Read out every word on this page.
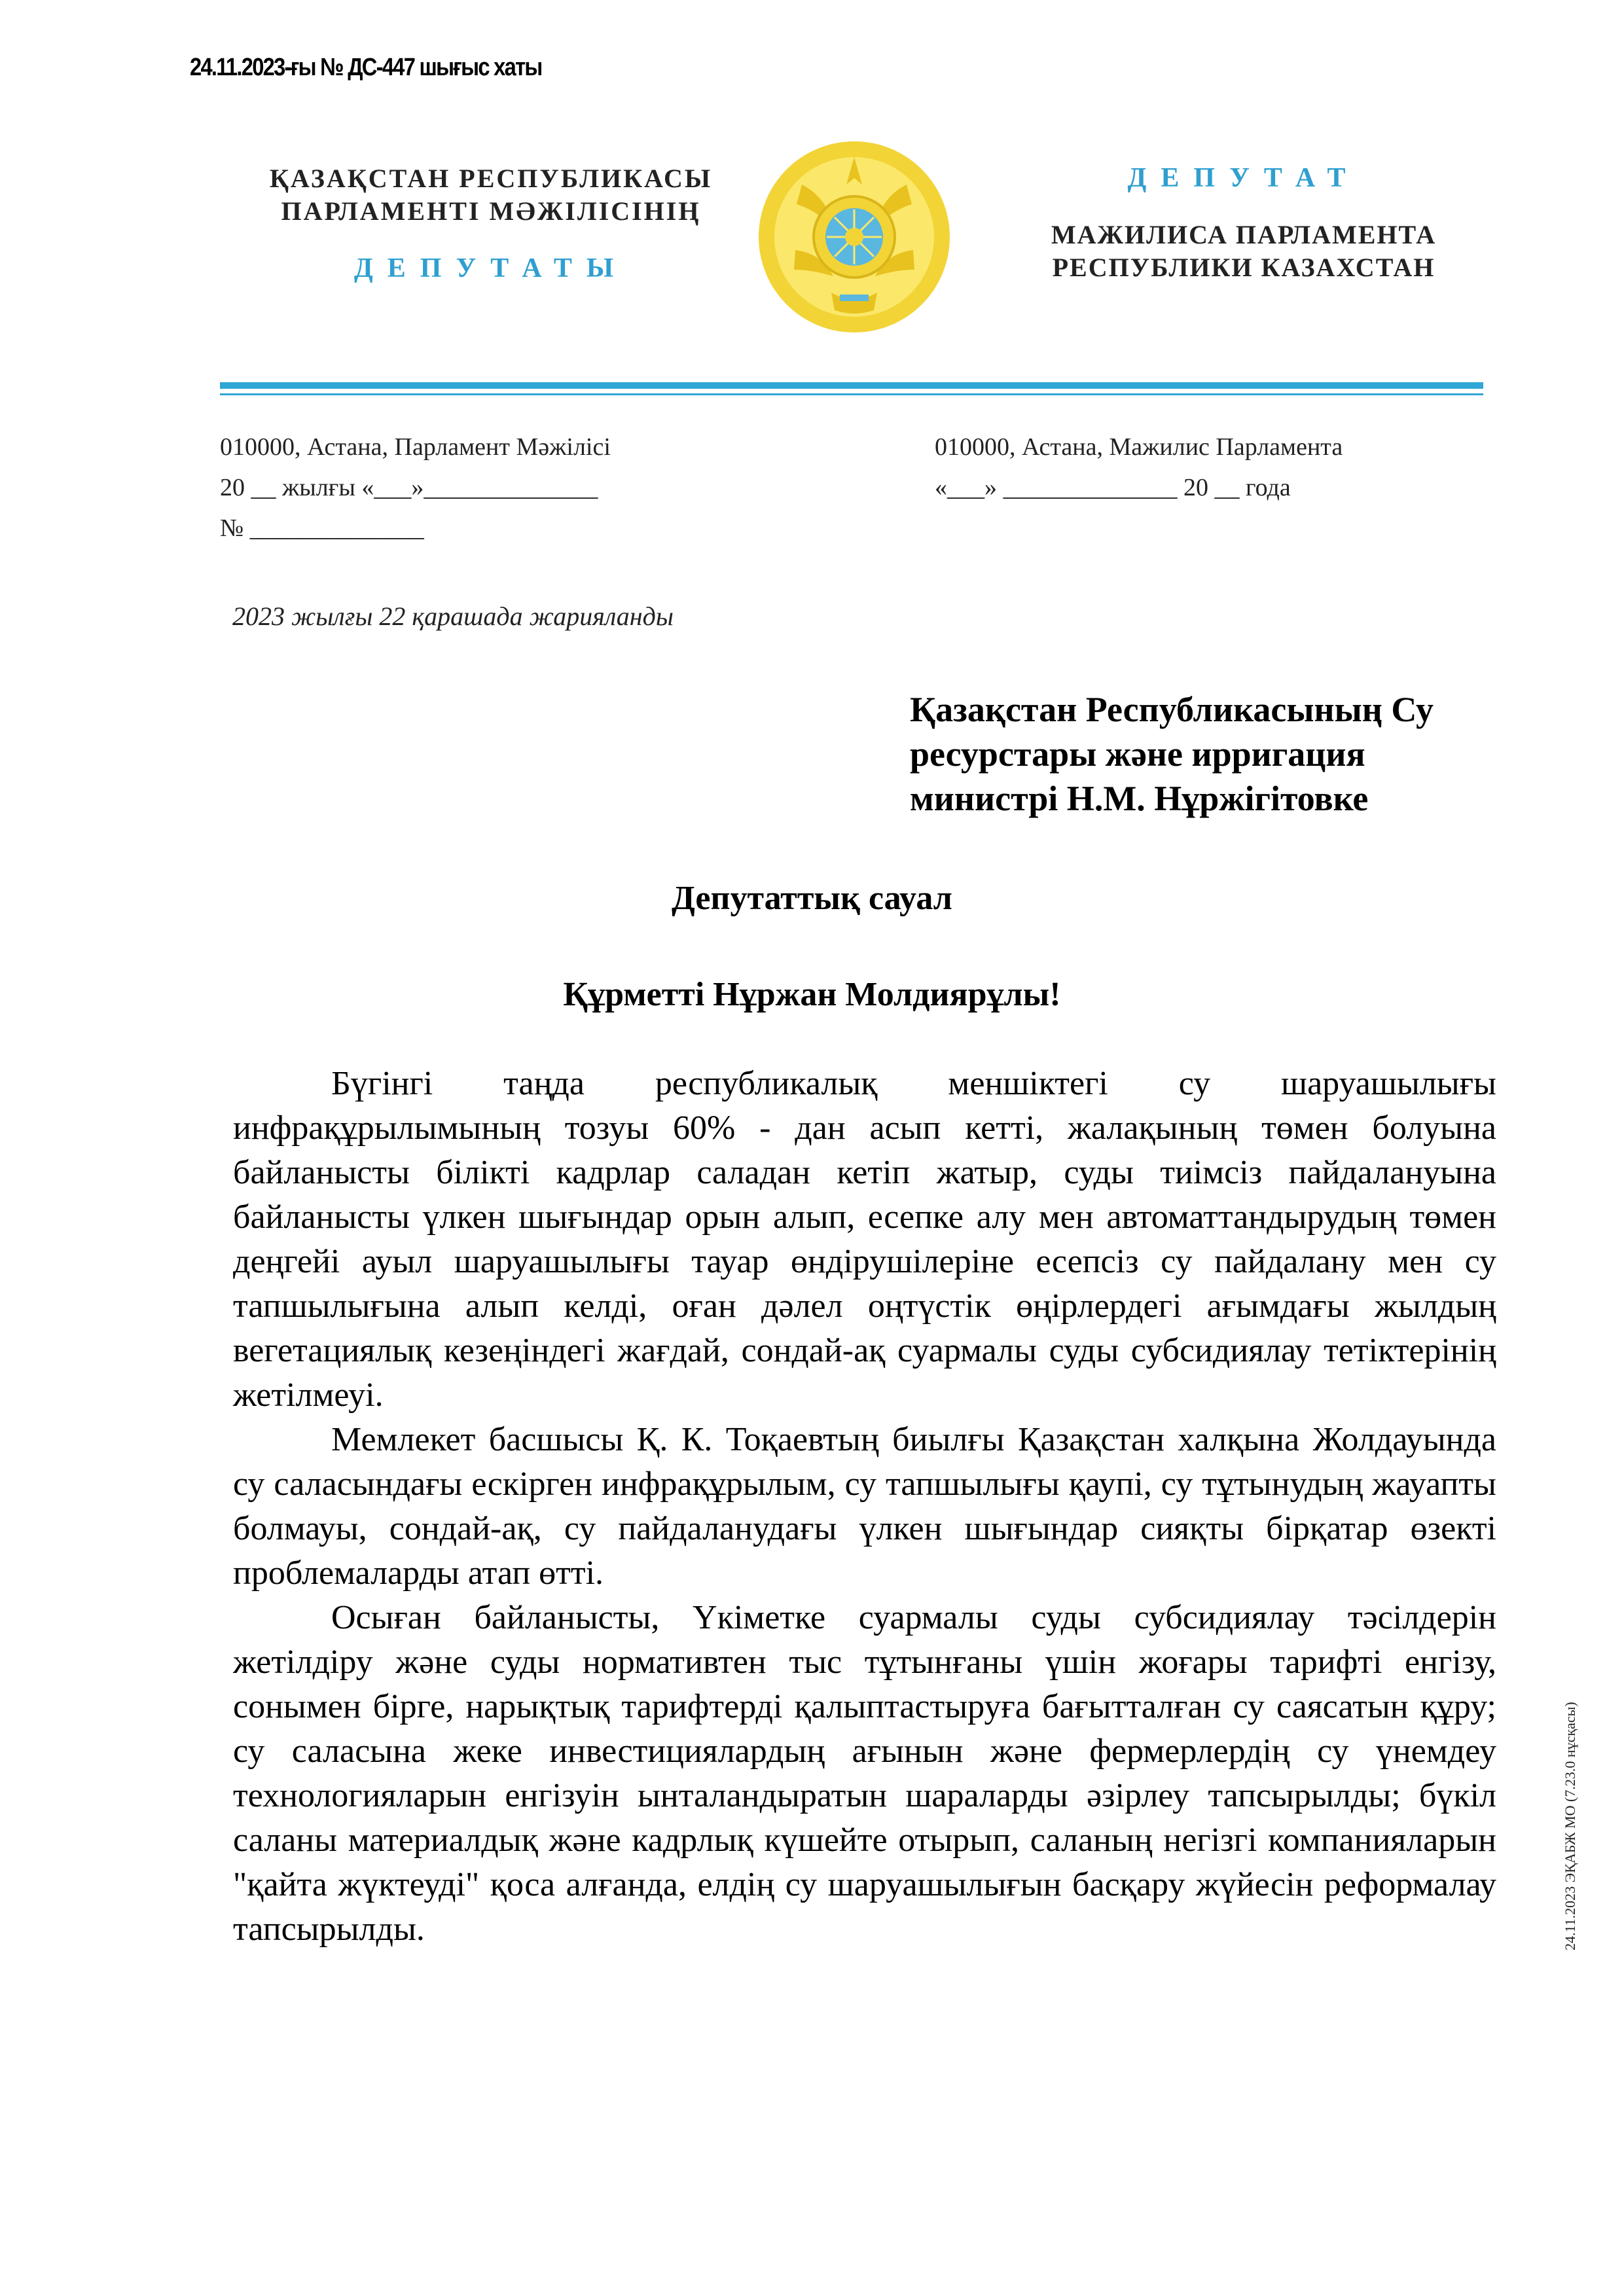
24.11.2023-ғы № ДС-447 шығыс хаты
ҚАЗАҚСТАН РЕСПУБЛИКАСЫ
ПАРЛАМЕНТІ МӘЖІЛІСІНІҢ
ДЕПУТАТЫ
ДЕПУТАТ
МАЖИЛИСА ПАРЛАМЕНТА
РЕСПУБЛИКИ КАЗАХСТАН
010000, Астана, Парламент Мәжілісі
20 __ жылғы «___»______________
№ ______________
010000, Астана, Мажилис Парламента
«___» ______________ 20 __ года
2023 жылғы 22 қарашада жарияланды
Қазақстан Республикасының Су
ресурстары және ирригация
министрі Н.М. Нұржігітовке
Депутаттық сауал
Құрметті Нұржан Молдиярұлы!

Бүгінгі таңда республикалық меншіктегі су шаруашылығы инфрақұрылымының тозуы 60% - дан асып кетті, жалақының төмен болуына байланысты білікті кадрлар саладан кетіп жатыр, суды тиімсіз пайдалануына байланысты үлкен шығындар орын алып, есепке алу мен автоматтандырудың төмен деңгейі ауыл шаруашылығы тауар өндірушілеріне есепсіз су пайдалану мен су тапшылығына алып келді, оған дәлел оңтүстік өңірлердегі ағымдағы жылдың вегетациялық кезеңіндегі жағдай, сондай-ақ суармалы суды субсидиялау тетіктерінің жетілмеуі.

Мемлекет басшысы Қ. К. Тоқаевтың биылғы Қазақстан халқына Жолдауында су саласындағы ескірген инфрақұрылым, су тапшылығы қаупі, су тұтынудың жауапты болмауы, сондай-ақ, су пайдаланудағы үлкен шығындар сияқты бірқатар өзекті проблемаларды атап өтті.

Осыған байланысты, Үкіметке суармалы суды субсидиялау тәсілдерін жетілдіру және суды нормативтен тыс тұтынғаны үшін жоғары тарифті енгізу, сонымен бірге, нарықтық тарифтерді қалыптастыруға бағытталған су саясатын құру; су саласына жеке инвестициялардың ағынын және фермерлердің су үнемдеу технологияларын енгізуін ынталандыратын шараларды әзірлеу тапсырылды; бүкіл саланы материалдық және кадрлық күшейте отырып, саланың негізгі компанияларын "қайта жүктеуді" қоса алғанда, елдің су шаруашылығын басқару жүйесін реформалау тапсырылды.	24.11.2023 ЭҚАБЖ МО (7.23.0 нұсқасы)
